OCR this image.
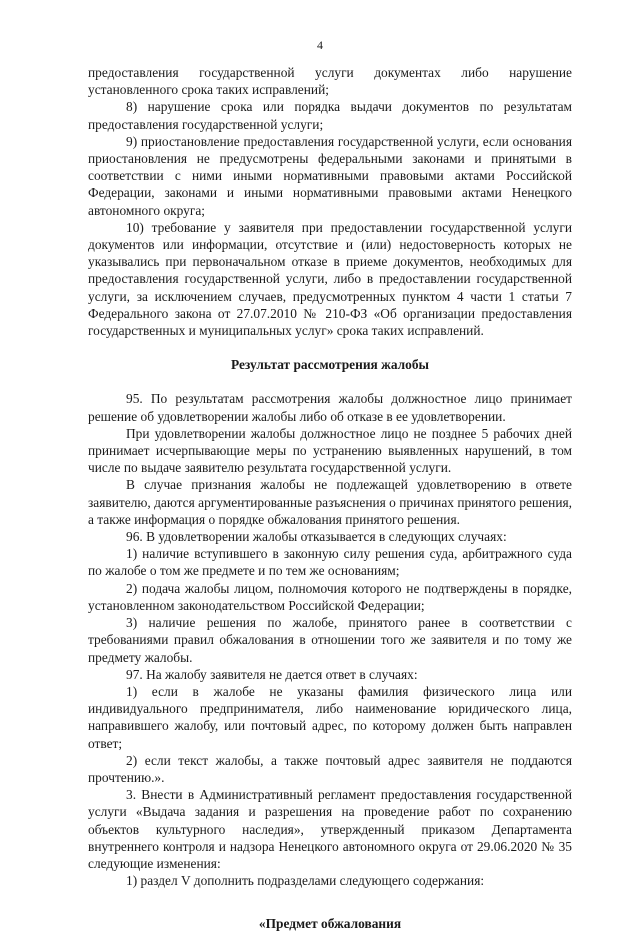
4

предоставления государственной услуги документах либо нарушение установленного срока таких исправлений;

8) нарушение срока или порядка выдачи документов по результатам предоставления государственной услуги;

9) приостановление предоставления государственной услуги, если основания приостановления не предусмотрены федеральными законами и принятыми в соответствии с ними иными нормативными правовыми актами Российской Федерации, законами и иными нормативными правовыми актами Ненецкого автономного округа;

10) требование у заявителя при предоставлении государственной услуги документов или информации, отсутствие и (или) недостоверность которых не указывались при первоначальном отказе в приеме документов, необходимых для предоставления государственной услуги, либо в предоставлении государственной услуги, за исключением случаев, предусмотренных пунктом 4 части 1 статьи 7 Федерального закона от 27.07.2010 № 210-ФЗ «Об организации предоставления государственных и муниципальных услуг» срока таких исправлений.

Результат рассмотрения жалобы

95. По результатам рассмотрения жалобы должностное лицо принимает решение об удовлетворении жалобы либо об отказе в ее удовлетворении.

При удовлетворении жалобы должностное лицо не позднее 5 рабочих дней принимает исчерпывающие меры по устранению выявленных нарушений, в том числе по выдаче заявителю результата государственной услуги.

В случае признания жалобы не подлежащей удовлетворению в ответе заявителю, даются аргументированные разъяснения о причинах принятого решения, а также информация о порядке обжалования принятого решения.

96. В удовлетворении жалобы отказывается в следующих случаях:

1) наличие вступившего в законную силу решения суда, арбитражного суда по жалобе о том же предмете и по тем же основаниям;

2) подача жалобы лицом, полномочия которого не подтверждены в порядке, установленном законодательством Российской Федерации;

3) наличие решения по жалобе, принятого ранее в соответствии с требованиями правил обжалования в отношении того же заявителя и по тому же предмету жалобы.

97. На жалобу заявителя не дается ответ в случаях:

1) если в жалобе не указаны фамилия физического лица или индивидуального предпринимателя, либо наименование юридического лица, направившего жалобу, или почтовый адрес, по которому должен быть направлен ответ;

2) если текст жалобы, а также почтовый адрес заявителя не поддаются прочтению.».

3. Внести в Административный регламент предоставления государственной услуги «Выдача задания и разрешения на проведение работ по сохранению объектов культурного наследия», утвержденный приказом Департамента внутреннего контроля и надзора Ненецкого автономного округа от 29.06.2020 № 35 следующие изменения:

1) раздел V дополнить подразделами следующего содержания:

«Предмет обжалования
